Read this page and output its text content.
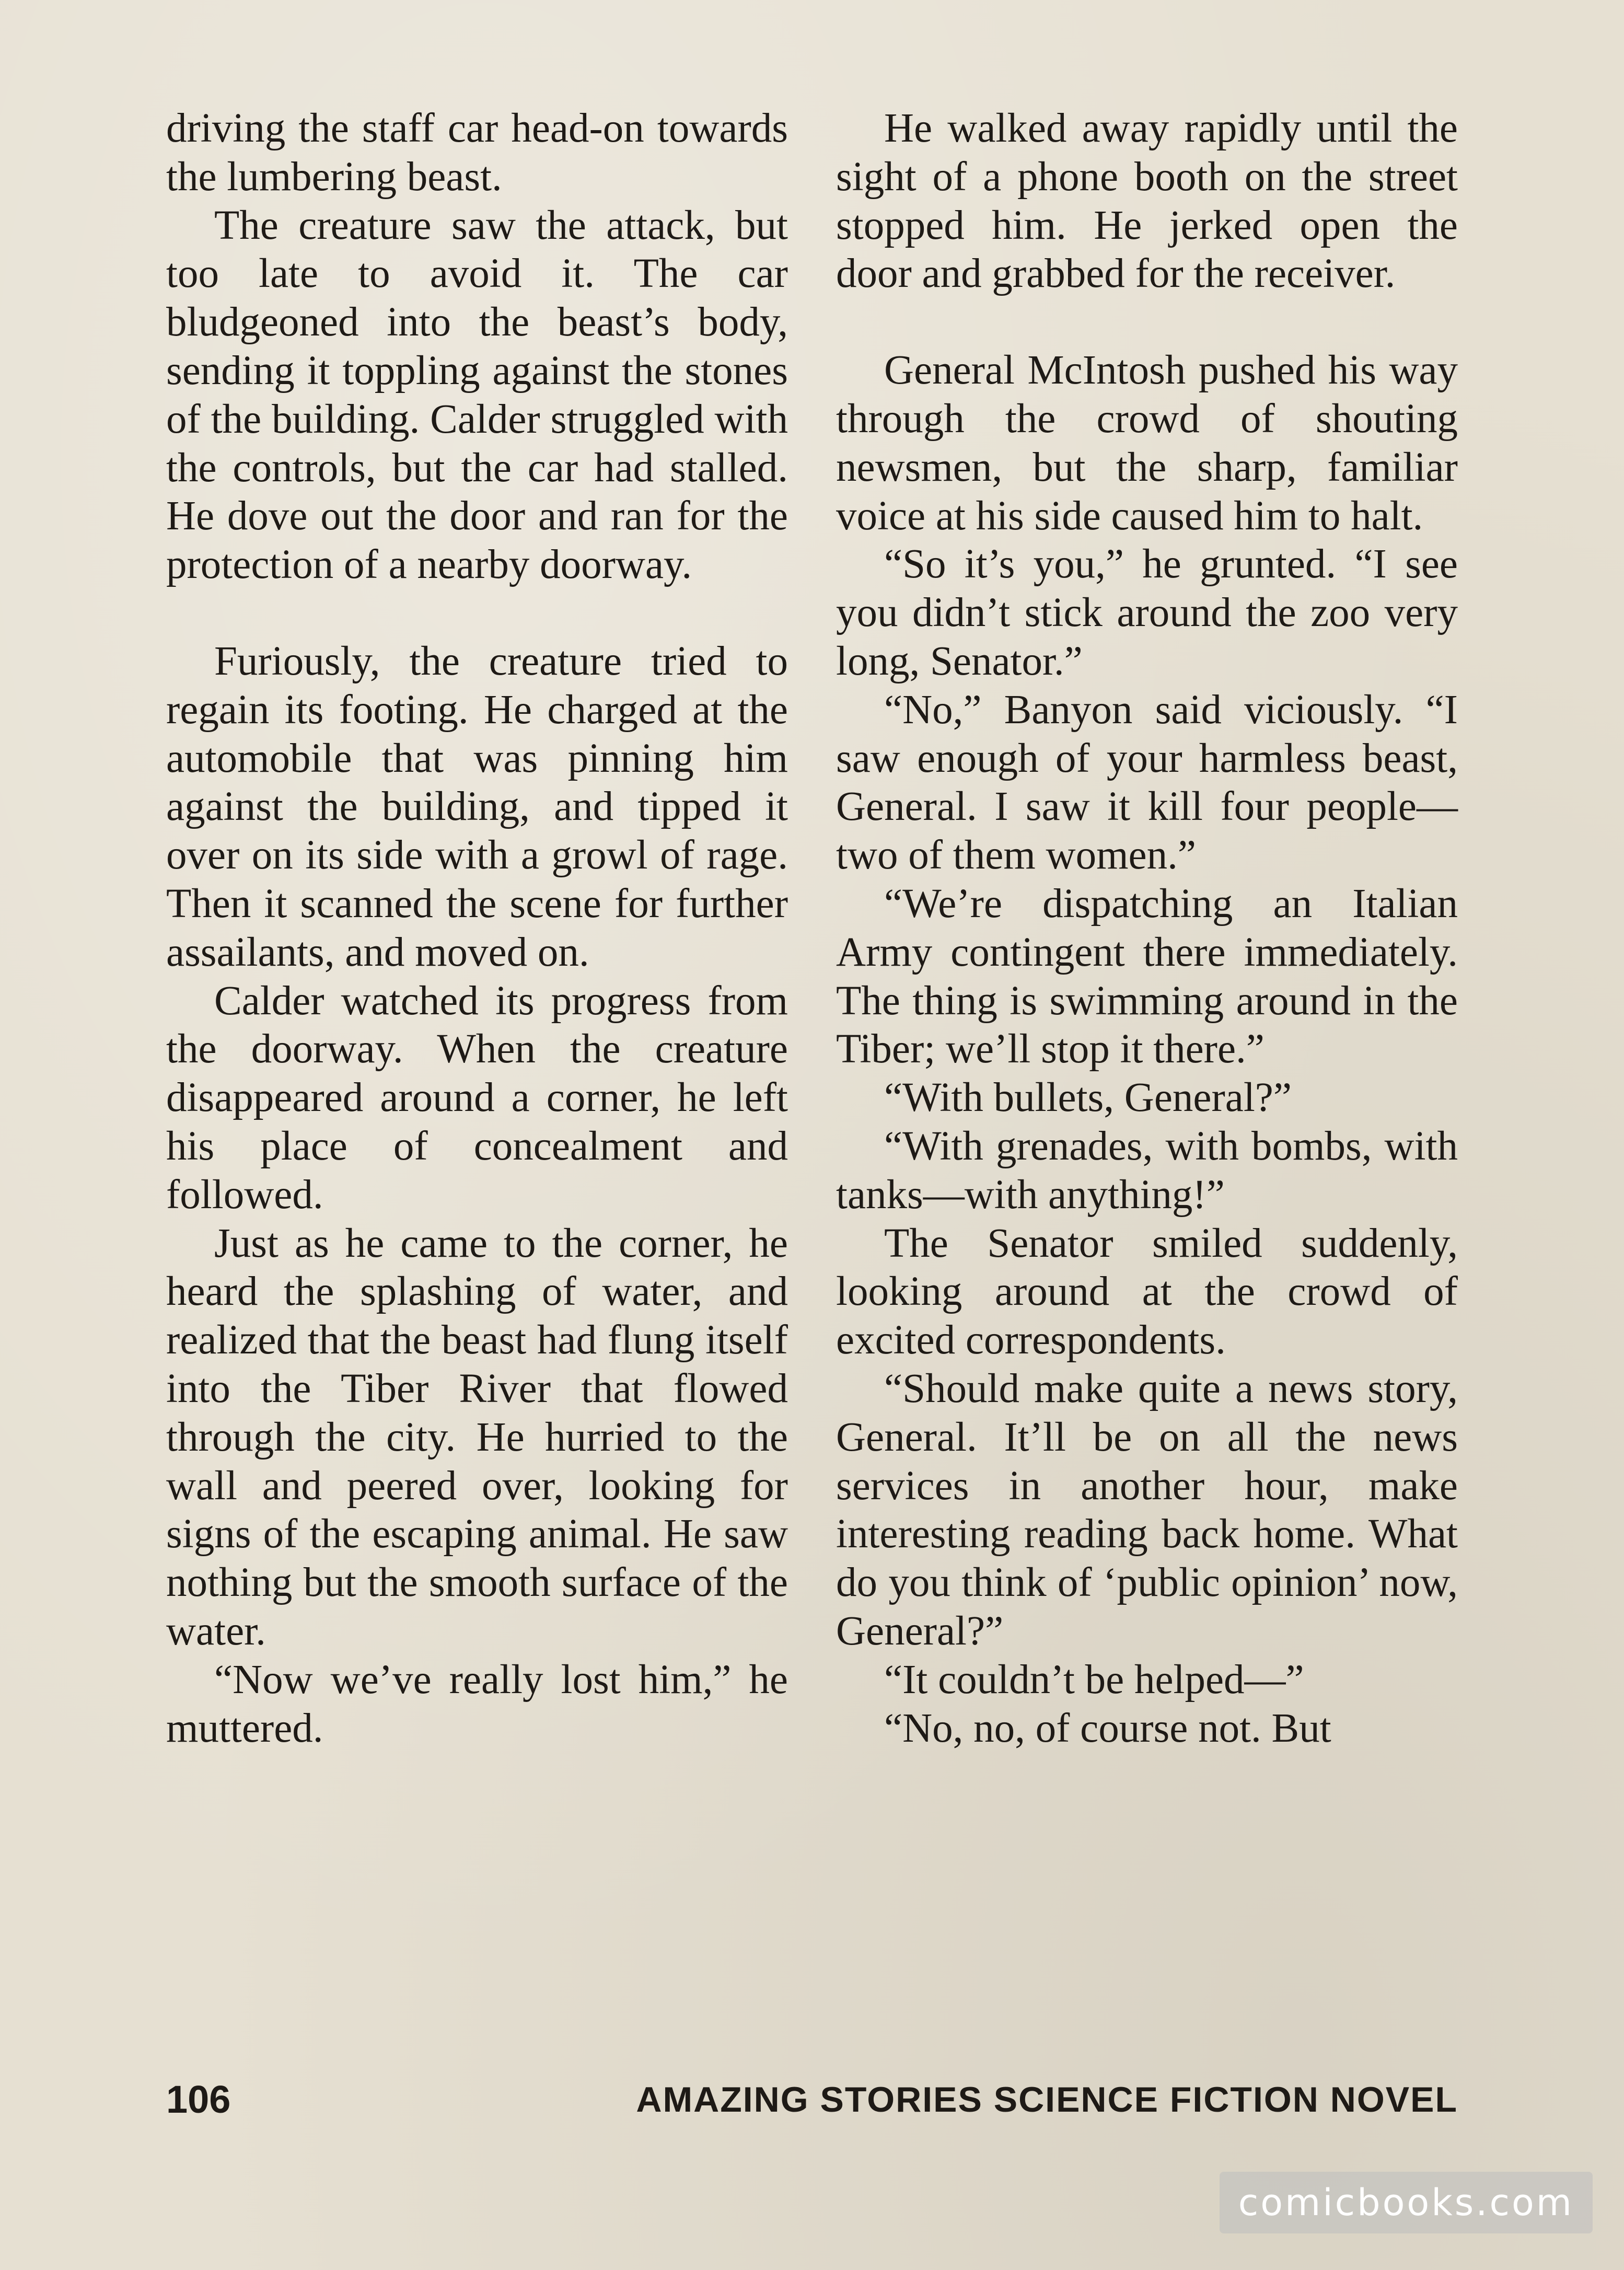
driving the staff car head-on towards the lumbering beast.

The creature saw the attack, but too late to avoid it. The car bludgeoned into the beast’s body, sending it toppling against the stones of the building. Calder struggled with the controls, but the car had stalled. He dove out the door and ran for the protection of a nearby doorway.

Furiously, the creature tried to regain its footing. He charged at the automobile that was pinning him against the building, and tipped it over on its side with a growl of rage. Then it scanned the scene for further assailants, and moved on.

Calder watched its progress from the doorway. When the creature disappeared around a corner, he left his place of concealment and followed.

Just as he came to the corner, he heard the splashing of water, and realized that the beast had flung itself into the Tiber River that flowed through the city. He hurried to the wall and peered over, looking for signs of the escaping animal. He saw nothing but the smooth surface of the water.

“Now we’ve really lost him,” he muttered.

He walked away rapidly until the sight of a phone booth on the street stopped him. He jerked open the door and grabbed for the receiver.

General McIntosh pushed his way through the crowd of shouting newsmen, but the sharp, familiar voice at his side caused him to halt.

“So it’s you,” he grunted. “I see you didn’t stick around the zoo very long, Senator.”

“No,” Banyon said viciously. “I saw enough of your harmless beast, General. I saw it kill four people—two of them women.”

“We’re dispatching an Italian Army contingent there immediately. The thing is swimming around in the Tiber; we’ll stop it there.”

“With bullets, General?”

“With grenades, with bombs, with tanks—with anything!”

The Senator smiled suddenly, looking around at the crowd of excited correspondents.

“Should make quite a news story, General. It’ll be on all the news services in another hour, make interesting reading back home. What do you think of ‘public opinion’ now, General?”

“It couldn’t be helped—”

“No, no, of course not. But

106	AMAZING STORIES SCIENCE FICTION NOVEL
comicbooks.com
